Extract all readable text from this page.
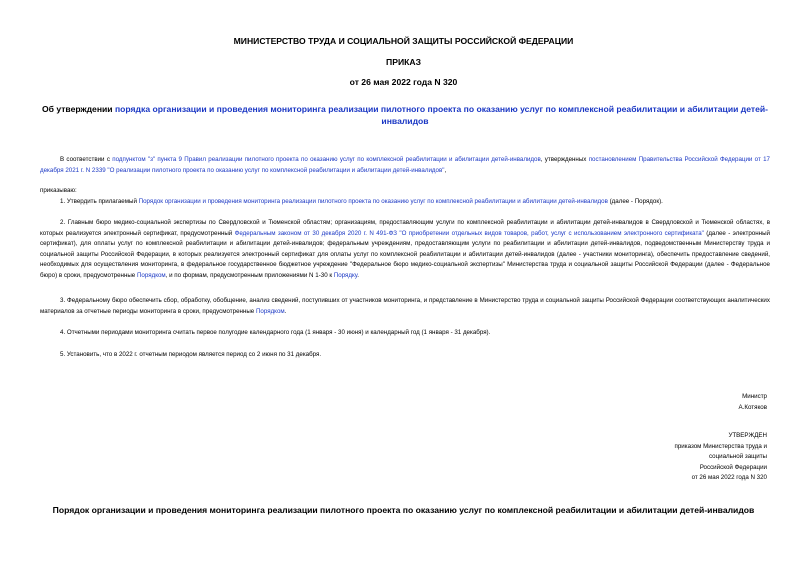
МИНИСТЕРСТВО ТРУДА И СОЦИАЛЬНОЙ ЗАЩИТЫ РОССИЙСКОЙ ФЕДЕРАЦИИ
ПРИКАЗ
от 26 мая 2022 года N 320
Об утверждении порядка организации и проведения мониторинга реализации пилотного проекта по оказанию услуг по комплексной реабилитации и абилитации детей-инвалидов
В соответствии с подпунктом "з" пункта 9 Правил реализации пилотного проекта по оказанию услуг по комплексной реабилитации и абилитации детей-инвалидов, утвержденных постановлением Правительства Российской Федерации от 17 декабря 2021 г. N 2339 "О реализации пилотного проекта по оказанию услуг по комплексной реабилитации и абилитации детей-инвалидов",
приказываю:
1. Утвердить прилагаемый Порядок организации и проведения мониторинга реализации пилотного проекта по оказанию услуг по комплексной реабилитации и абилитации детей-инвалидов (далее - Порядок).
2. Главным бюро медико-социальной экспертизы по Свердловской и Тюменской областям; организациям, предоставляющим услуги по комплексной реабилитации и абилитации детей-инвалидов в Свердловской и Тюменской областях, в которых реализуется электронный сертификат, предусмотренный Федеральным законом от 30 декабря 2020 г. N 491-ФЗ "О приобретении отдельных видов товаров, работ, услуг с использованием электронного сертификата" (далее - электронный сертификат), для оплаты услуг по комплексной реабилитации и абилитации детей-инвалидов; федеральным учреждениям, предоставляющим услуги по реабилитации и абилитации детей-инвалидов, подведомственным Министерству труда и социальной защиты Российской Федерации, в которых реализуется электронный сертификат для оплаты услуг по комплексной реабилитации и абилитации детей-инвалидов (далее - участники мониторинга), обеспечить предоставление сведений, необходимых для осуществления мониторинга, в федеральное государственное бюджетное учреждение "Федеральное бюро медико-социальной экспертизы" Министерства труда и социальной защиты Российской Федерации (далее - Федеральное бюро) в сроки, предусмотренные Порядком, и по формам, предусмотренным приложениями N 1-30 к Порядку.
3. Федеральному бюро обеспечить сбор, обработку, обобщение, анализ сведений, поступивших от участников мониторинга, и представление в Министерство труда и социальной защиты Российской Федерации соответствующих аналитических материалов за отчетные периоды мониторинга в сроки, предусмотренные Порядком.
4. Отчетными периодами мониторинга считать первое полугодие календарного года (1 января - 30 июня) и календарный год (1 января - 31 декабря).
5. Установить, что в 2022 г. отчетным периодом является период со 2 июня по 31 декабря.
Министр
А.Котяков
УТВЕРЖДЕН
приказом Министерства труда и
социальной защиты
Российской Федерации
от 26 мая 2022 года N 320
Порядок организации и проведения мониторинга реализации пилотного проекта по оказанию услуг по комплексной реабилитации и абилитации детей-инвалидов
